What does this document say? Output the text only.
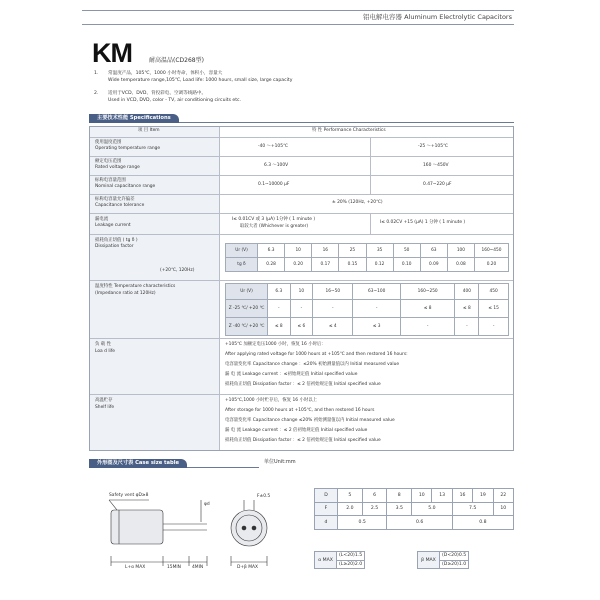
铝电解电容器 Aluminum Electrolytic Capacitors
KM	耐高温品(CD268型)
1. 常温度产品，105℃，1000 小时寿命，体积小，容量大
Wide temperature range,105℃, Load life: 1000 hours, small size, large capacity
2. 适用于VCD、DVD、背投彩电、空调等线路中。
Used in VCD, DVD, color - TV, air conditioning circuits etc.
主要技术性能 Specifications
项 目 Item	特 性 Performance Characteristics
使用温度范围
Operating temperature range	-40 ～+105℃	-25 ～+105℃
额定电压范围
Rated voltage range	6.3 ～100V	160 ～450V
标称电容量范围
Nominal capacitance range	0.1~10000 μF	0.47~220 μF
标称电容量允许偏差
Capacitance tolerance
± 20% (120Hz, +20℃)
漏电流
Leakage current
I≤ 0.01CV 或 3 (μA) 1分钟 ( 1 minute )
取较大者 (Whichever is greater)
I≤ 0.02CV +15 (μA) 1 分钟 ( 1 minute )
损耗角正切值 ( tg δ )
Dissipation factor
(+20℃, 120Hz)
Ur (V)	6.3	10	16	25	35	50	63	100	160~450
tg δ	0.28	0.20	0.17	0.15	0.12	0.10	0.09	0.08	0.20
温度特性 Temperature characteristics
(Impedance ratio at 120Hz)	Ur (V)	6.3	10	16~50	63~100	160~250	400	450
Z -25 ℃/ +20 ℃	-	-	-	-	≤ 8	≤ 8	≤ 15
Z -40 ℃/ +20 ℃	≤ 8	≤ 6	≤ 4	≤ 3	-	-	-
负 载 性
Loa d life
+105℃ 加额定电压1000 小时，恢复 16 小时后：
After applying rated voltage for 1000 hours at +105℃ and then restored 16 hours:
电容量变化率 Capacitance change ：≤20% 初始测量值以内 Initial measured value
漏 电 流 Leakage current ：≤初始规定值 Initial specified value
损耗角正切值 Dissipation factor ：≤ 2 倍初始规定值 Initial specified value
高温贮存
Shelf life
+105℃,1000 小时贮存后，恢复 16 小时以上
After storage for 1000 hours at +105℃, and then restored 16 hours
电容量变化率 Capacitance change ≤20% 初始测量值以内 Initial measured value
漏 电 流 Leakage current ：≤ 2 倍初始规定值 Initial specified value
损耗角正切值 Dissipation factor ：≤ 2 倍初始规定值 Initial specified value
外形图及尺寸表 Case size table	单位Unit:mm
Safety vent φD≥8
φd
F±0.5
L+α MAX	15MIN	4MIN	D+β MAX
D	5	6	8	10	13	16	19	22
F	2.0	2.5	3.5	5.0		7.5		10
d	0.5		0.6			0.8		
α MAX	(L<20)1.5
(L≥20)2.0
β MAX	(D<20)0.5
(D≥20)1.0
